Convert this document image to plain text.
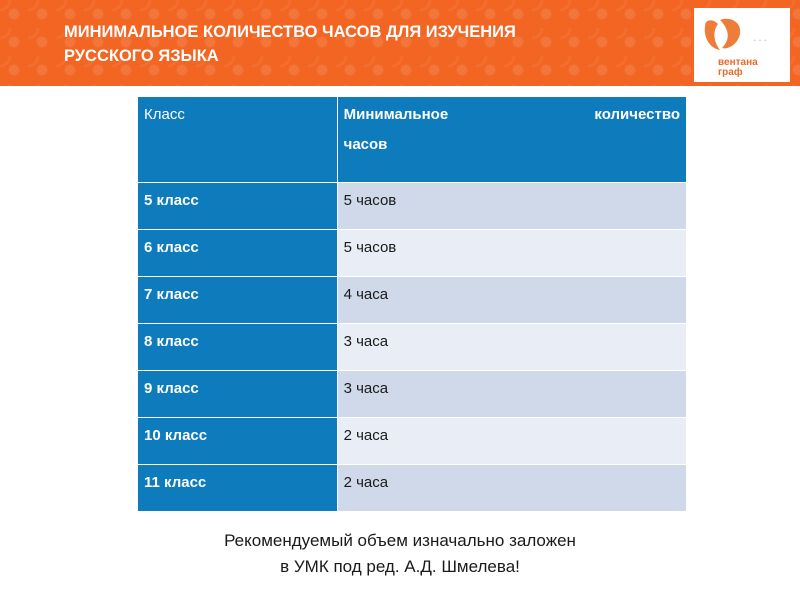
МИНИМАЛЬНОЕ КОЛИЧЕСТВО ЧАСОВ ДЛЯ ИЗУЧЕНИЯ
РУССКОГО ЯЗЫКА
• • •
вентана
граф
Класс	Минимальное количество
часов

5 класс	5 часов
6 класс	5 часов
7 класс	4 часа
8 класс	3 часа
9 класс	3 часа
10 класс	2 часа
11 класс	2 часа
Рекомендуемый объем изначально заложен
в УМК под ред. А.Д. Шмелева!
